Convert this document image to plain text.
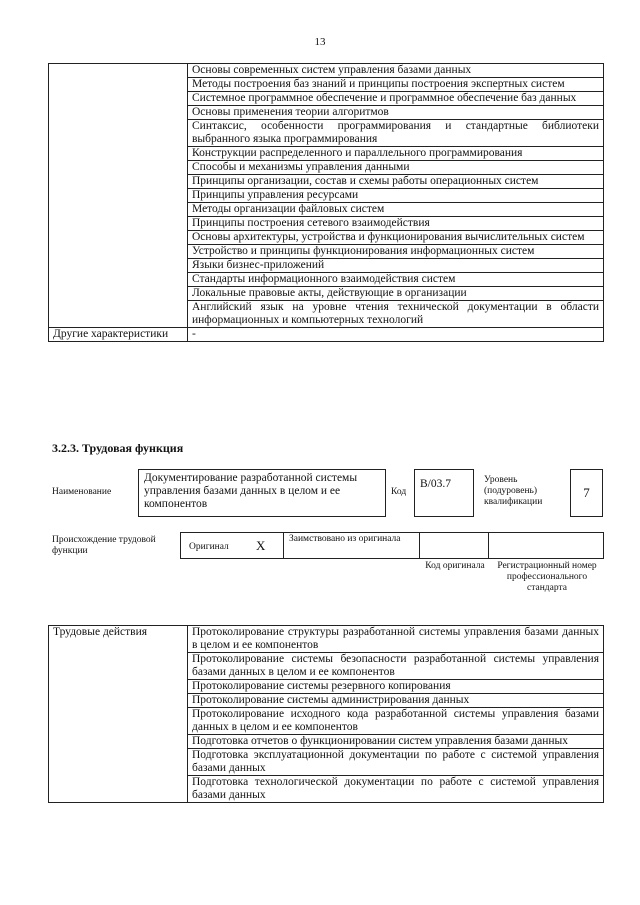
13
	Основы современных систем управления базами данных
	Методы построения баз знаний и принципы построения экспертных систем
	Системное программное обеспечение и программное обеспечение баз данных
	Основы применения теории алгоритмов
	Синтаксис, особенности программирования и стандартные библиотеки выбранного языка программирования
	Конструкции распределенного и параллельного программирования
	Способы и механизмы управления данными
	Принципы организации, состав и схемы работы операционных систем
	Принципы управления ресурсами
	Методы организации файловых систем
	Принципы построения сетевого взаимодействия
	Основы архитектуры, устройства и функционирования вычислительных систем
	Устройство и принципы функционирования информационных систем
	Языки бизнес-приложений
	Стандарты информационного взаимодействия систем
	Локальные правовые акты, действующие в организации
	Английский язык на уровне чтения технической документации в области информационных и компьютерных технологий
Другие характеристики	-
3.2.3. Трудовая функция
Наименование
Документирование разработанной системы управления базами данных в целом и ее компонентов
Код
В/03.7	Уровень (подуровень) квалификации
7
Происхождение трудовой функции	Оригинал X Заимствовано из оригинала
Код оригинала	Регистрационный номер профессионального стандарта
Трудовые действия	Протоколирование структуры разработанной системы управления базами данных в целом и ее компонентов
Протоколирование системы безопасности разработанной системы управления базами данных в целом и ее компонентов
Протоколирование системы резервного копирования
Протоколирование системы администрирования данных
Протоколирование исходного кода разработанной системы управления базами данных в целом и ее компонентов
Подготовка отчетов о функционировании систем управления базами данных
Подготовка эксплуатационной документации по работе с системой управления базами данных
Подготовка технологической документации по работе с системой управления базами данных
